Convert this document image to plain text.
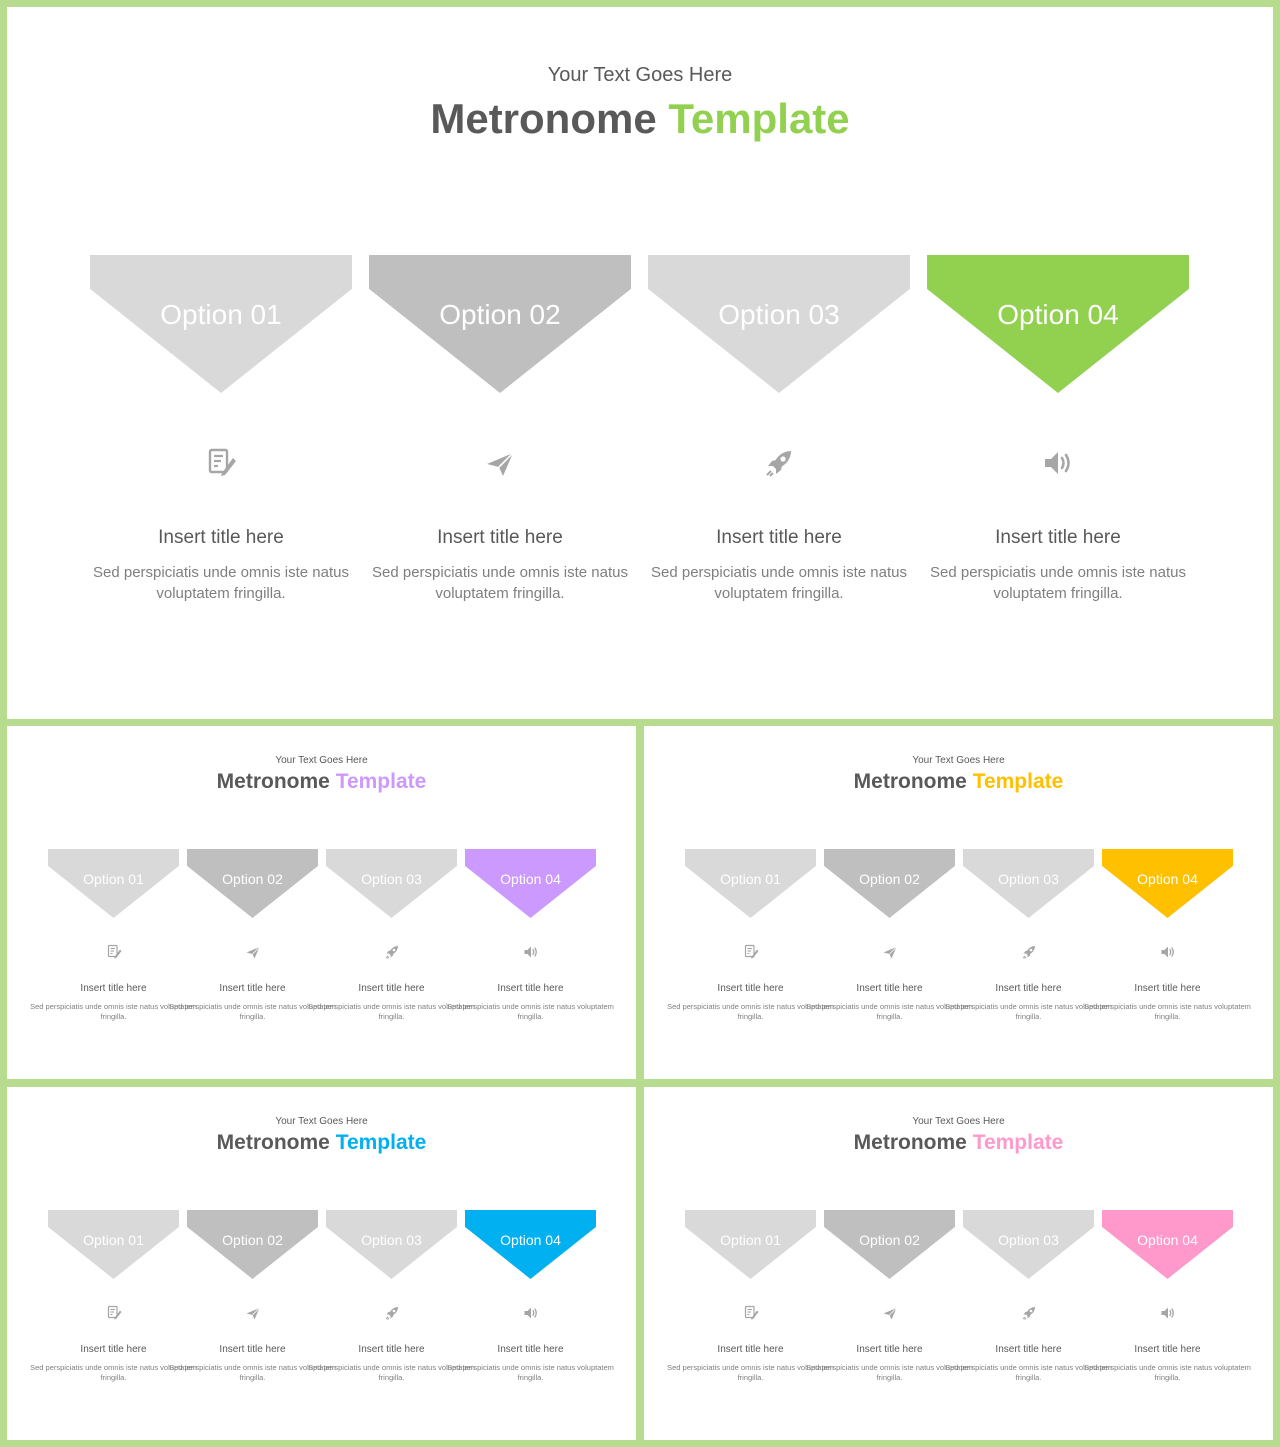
Your Text Goes Here
Metronome Template
Option 01
Insert title here
Sed perspiciatis unde omnis iste natus voluptatem fringilla.
Option 02
Insert title here
Sed perspiciatis unde omnis iste natus voluptatem fringilla.
Option 03
Insert title here
Sed perspiciatis unde omnis iste natus voluptatem fringilla.
Option 04
Insert title here
Sed perspiciatis unde omnis iste natus voluptatem fringilla.
Your Text Goes Here
Metronome Template
Option 01
Insert title here
Sed perspiciatis unde omnis iste natus voluptatem fringilla.
Option 02
Insert title here
Sed perspiciatis unde omnis iste natus voluptatem fringilla.
Option 03
Insert title here
Sed perspiciatis unde omnis iste natus voluptatem fringilla.
Option 04
Insert title here
Sed perspiciatis unde omnis iste natus voluptatem fringilla.
Your Text Goes Here
Metronome Template
Option 01
Insert title here
Sed perspiciatis unde omnis iste natus voluptatem fringilla.
Option 02
Insert title here
Sed perspiciatis unde omnis iste natus voluptatem fringilla.
Option 03
Insert title here
Sed perspiciatis unde omnis iste natus voluptatem fringilla.
Option 04
Insert title here
Sed perspiciatis unde omnis iste natus voluptatem fringilla.
Your Text Goes Here
Metronome Template
Option 01
Insert title here
Sed perspiciatis unde omnis iste natus voluptatem fringilla.
Option 02
Insert title here
Sed perspiciatis unde omnis iste natus voluptatem fringilla.
Option 03
Insert title here
Sed perspiciatis unde omnis iste natus voluptatem fringilla.
Option 04
Insert title here
Sed perspiciatis unde omnis iste natus voluptatem fringilla.
Your Text Goes Here
Metronome Template
Option 01
Insert title here
Sed perspiciatis unde omnis iste natus voluptatem fringilla.
Option 02
Insert title here
Sed perspiciatis unde omnis iste natus voluptatem fringilla.
Option 03
Insert title here
Sed perspiciatis unde omnis iste natus voluptatem fringilla.
Option 04
Insert title here
Sed perspiciatis unde omnis iste natus voluptatem fringilla.
